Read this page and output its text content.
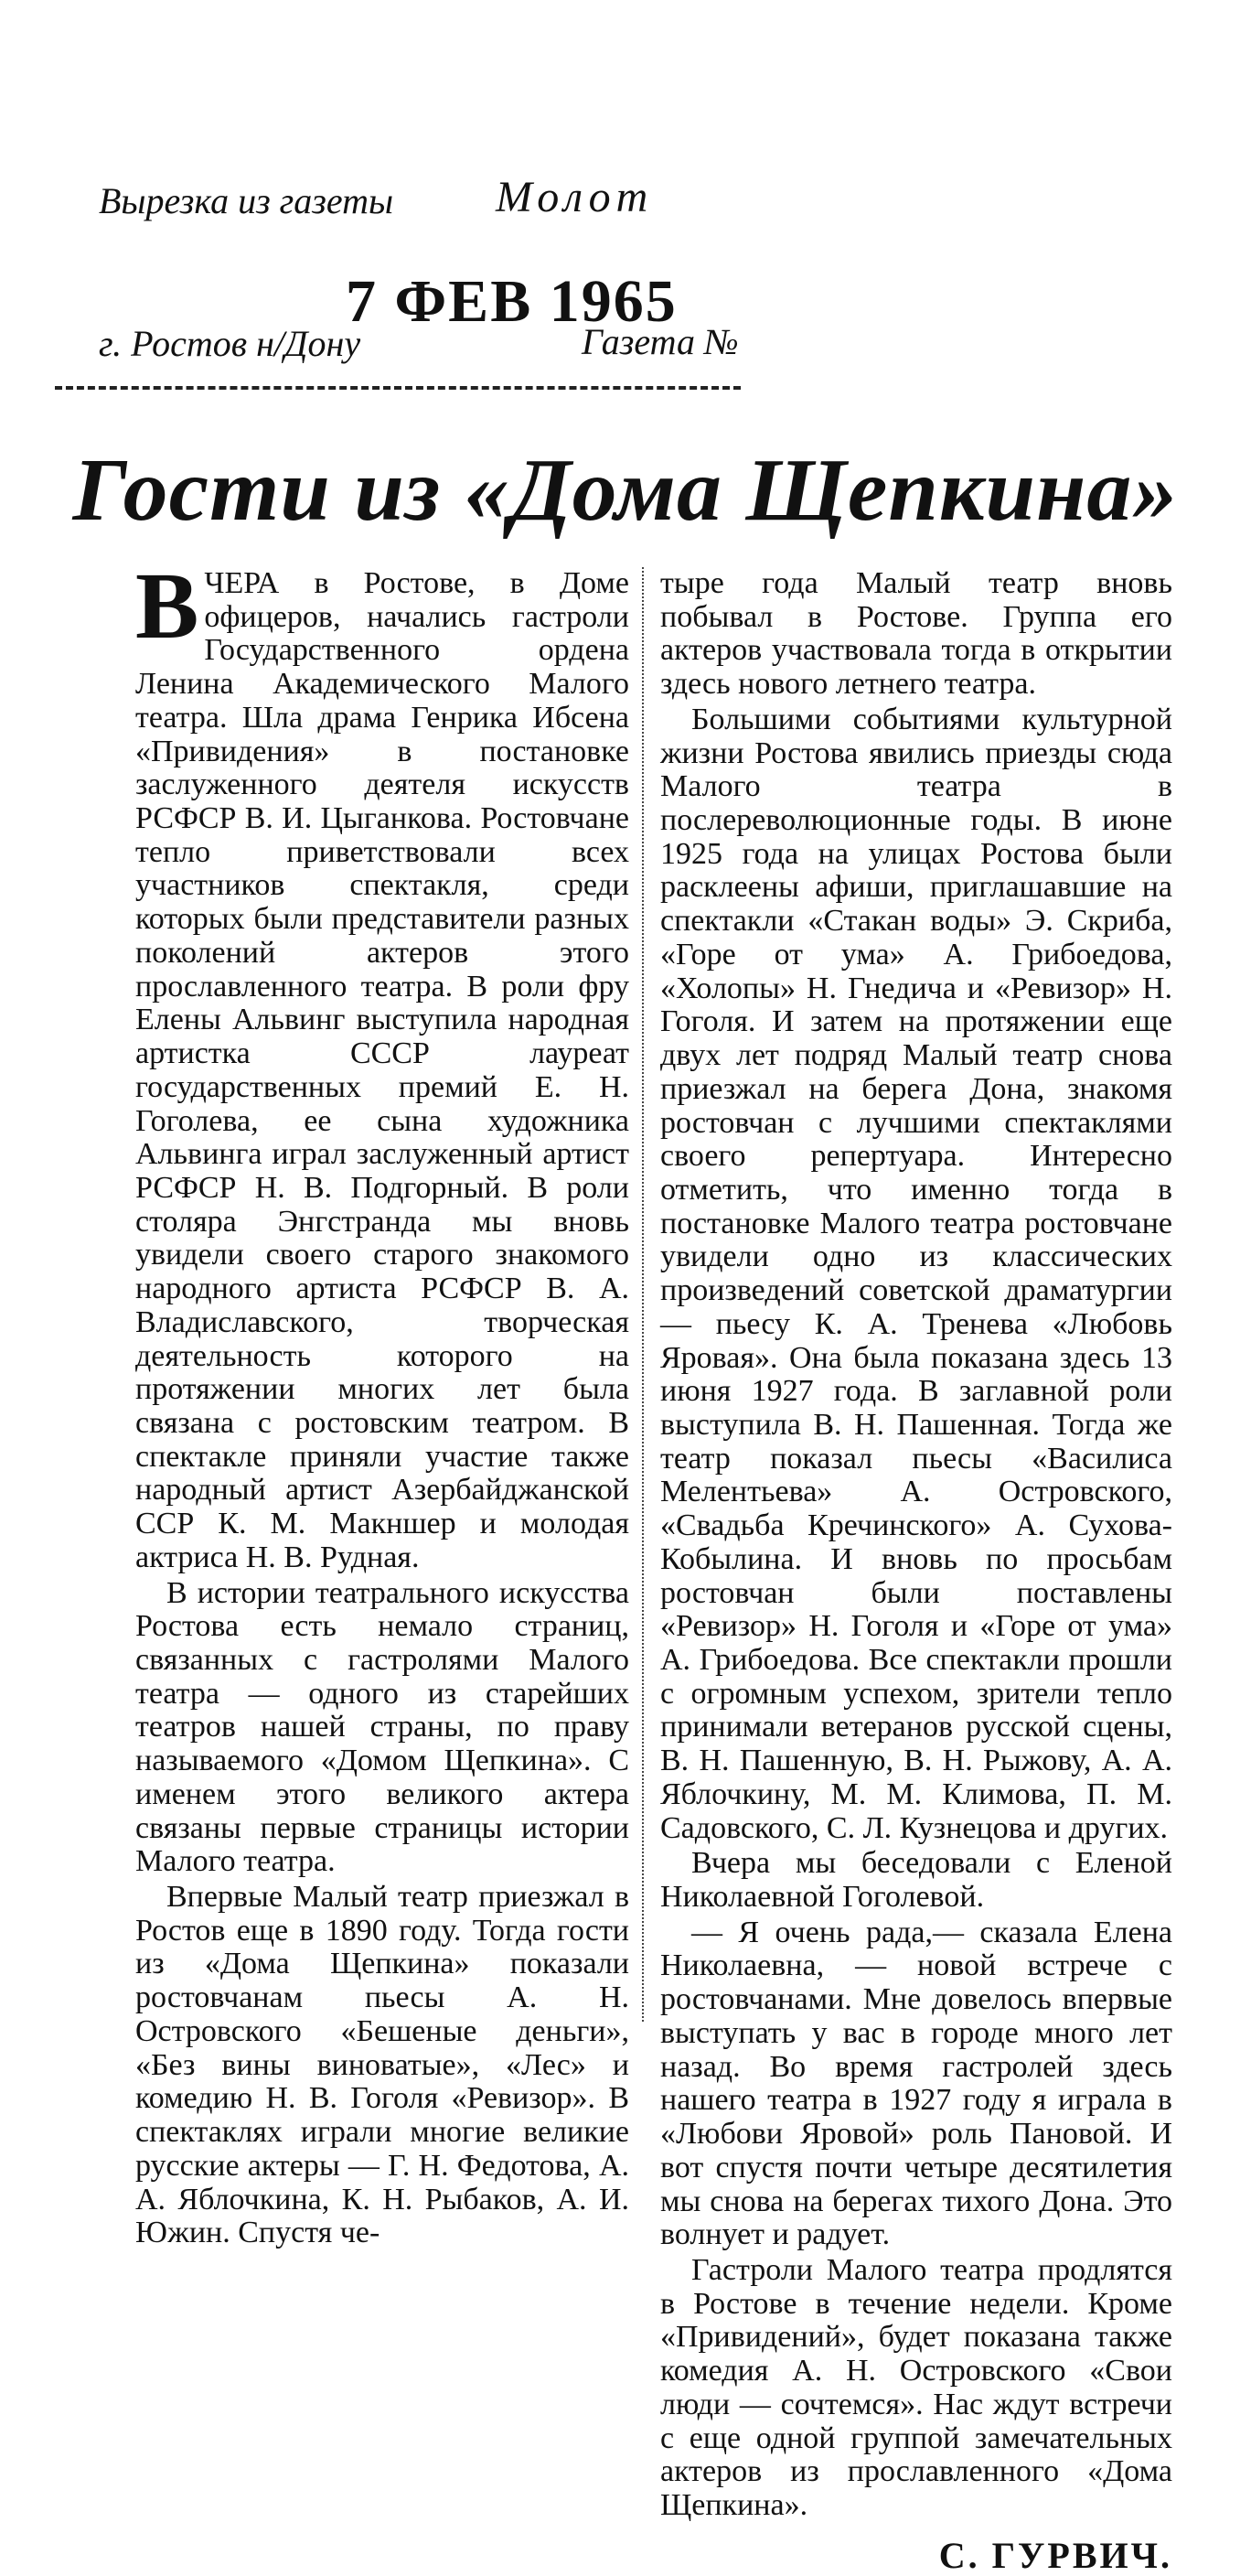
Вырезка из газеты Молот
7 ФЕВ 1965
г. Ростов н/Дону	Газета №
Гости из «Дома Щепкина»

ВЧЕРА в Ростове, в Доме офицеров, начались гастроли Государственного ордена Ленина Академического Малого театра. Шла драма Генрика Ибсена «Привидения» в постановке заслуженного деятеля искусств РСФСР В. И. Цыганкова. Ростовчане тепло приветствовали всех участников спектакля, среди которых были представители разных поколений актеров этого прославленного театра. В роли фру Елены Альвинг выступила народная артистка СССР лауреат государственных премий Е. Н. Гоголева, ее сына художника Альвинга играл заслуженный артист РСФСР Н. В. Подгорный. В роли столяра Энгстранда мы вновь увидели своего старого знакомого народного артиста РСФСР В. А. Владиславского, творческая деятельность которого на протяжении многих лет была связана с ростовским театром. В спектакле приняли участие также народный артист Азербайджанской ССР К. М. Макншер и молодая актриса Н. В. Рудная.

В истории театрального искусства Ростова есть немало страниц, связанных с гастролями Малого театра — одного из старейших театров нашей страны, по праву называемого «Домом Щепкина». С именем этого великого актера связаны первые страницы истории Малого театра.

Впервые Малый театр приезжал в Ростов еще в 1890 году. Тогда гости из «Дома Щепкина» показали ростовчанам пьесы А. Н. Островского «Бешеные деньги», «Без вины виноватые», «Лес» и комедию Н. В. Гоголя «Ревизор». В спектаклях играли многие великие русские актеры — Г. Н. Федотова, А. А. Яблочкина, К. Н. Рыбаков, А. И. Южин. Спустя че-

тыре года Малый театр вновь побывал в Ростове. Группа его актеров участвовала тогда в открытии здесь нового летнего театра.

Большими событиями культурной жизни Ростова явились приезды сюда Малого театра в послереволюционные годы. В июне 1925 года на улицах Ростова были расклеены афиши, приглашавшие на спектакли «Стакан воды» Э. Скриба, «Горе от ума» А. Грибоедова, «Холопы» Н. Гнедича и «Ревизор» Н. Гоголя. И затем на протяжении еще двух лет подряд Малый театр снова приезжал на берега Дона, знакомя ростовчан с лучшими спектаклями своего репертуара. Интересно отметить, что именно тогда в постановке Малого театра ростовчане увидели одно из классических произведений советской драматургии — пьесу К. А. Тренева «Любовь Яровая». Она была показана здесь 13 июня 1927 года. В заглавной роли выступила В. Н. Пашенная. Тогда же театр показал пьесы «Василиса Мелентьева» А. Островского, «Свадьба Кречинского» А. Сухова-Кобылина. И вновь по просьбам ростовчан были поставлены «Ревизор» Н. Гоголя и «Горе от ума» А. Грибоедова. Все спектакли прошли с огромным успехом, зрители тепло принимали ветеранов русской сцены, В. Н. Пашенную, В. Н. Рыжову, А. А. Яблочкину, М. М. Климова, П. М. Садовского, С. Л. Кузнецова и других.

Вчера мы беседовали с Еленой Николаевной Гоголевой.

— Я очень рада,— сказала Елена Николаевна, — новой встрече с ростовчанами. Мне довелось впервые выступать у вас в городе много лет назад. Во время гастролей здесь нашего театра в 1927 году я играла в «Любови Яровой» роль Пановой. И вот спустя почти четыре десятилетия мы снова на берегах тихого Дона. Это волнует и радует.

Гастроли Малого театра продлятся в Ростове в течение недели. Кроме «Привидений», будет показана также комедия А. Н. Островского «Свои люди — сочтемся». Нас ждут встречи с еще одной группой замечательных актеров из прославленного «Дома Щепкина».

С. ГУРВИЧ.
